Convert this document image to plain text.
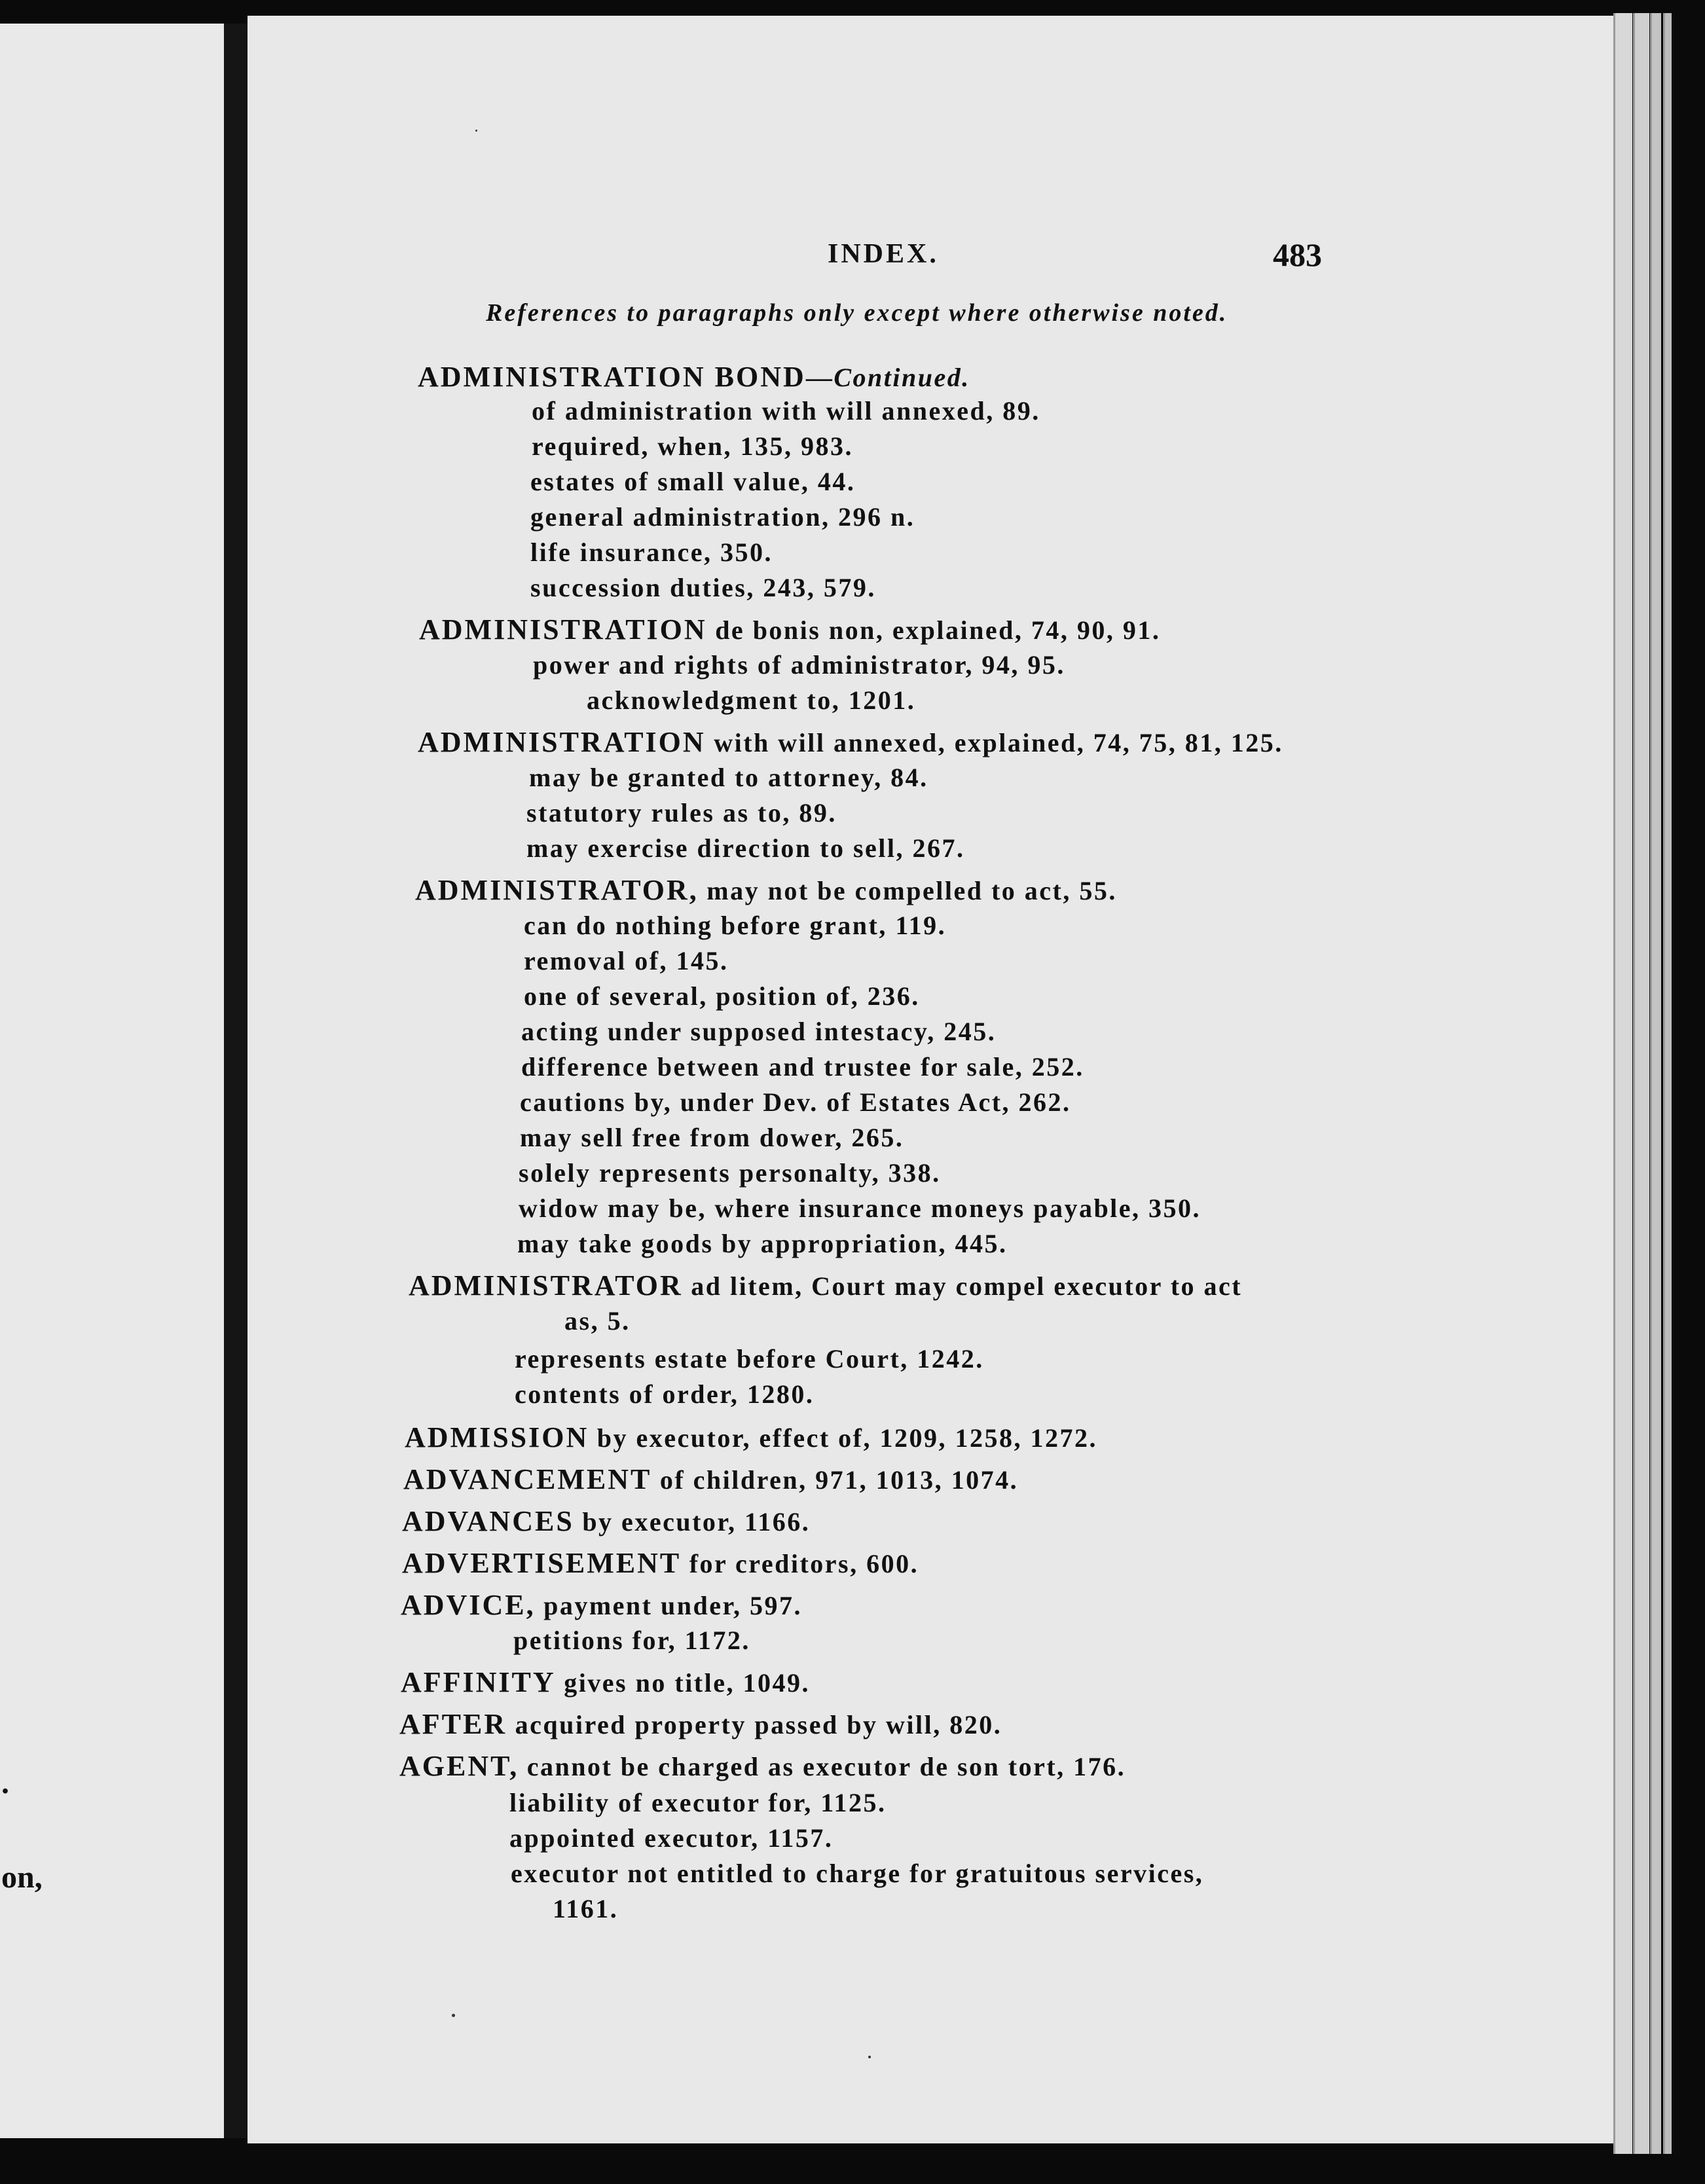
.
on,
INDEX.	483
References to paragraphs only except where otherwise noted.
ADMINISTRATION BOND—Continued.
of administration with will annexed, 89.
required, when, 135, 983.
estates of small value, 44.
general administration, 296 n.
life insurance, 350.
succession duties, 243, 579.
ADMINISTRATION de bonis non, explained, 74, 90, 91.
power and rights of administrator, 94, 95.
acknowledgment to, 1201.
ADMINISTRATION with will annexed, explained, 74, 75, 81, 125.
may be granted to attorney, 84.
statutory rules as to, 89.
may exercise direction to sell, 267.
ADMINISTRATOR, may not be compelled to act, 55.
can do nothing before grant, 119.
removal of, 145.
one of several, position of, 236.
acting under supposed intestacy, 245.
difference between and trustee for sale, 252.
cautions by, under Dev. of Estates Act, 262.
may sell free from dower, 265.
solely represents personalty, 338.
widow may be, where insurance moneys payable, 350.
may take goods by appropriation, 445.
ADMINISTRATOR ad litem, Court may compel executor to act
as, 5.
represents estate before Court, 1242.
contents of order, 1280.
ADMISSION by executor, effect of, 1209, 1258, 1272.
ADVANCEMENT of children, 971, 1013, 1074.
ADVANCES by executor, 1166.
ADVERTISEMENT for creditors, 600.
ADVICE, payment under, 597.
petitions for, 1172.
AFFINITY gives no title, 1049.
AFTER acquired property passed by will, 820.
AGENT, cannot be charged as executor de son tort, 176.
liability of executor for, 1125.
appointed executor, 1157.
executor not entitled to charge for gratuitous services,
1161.
